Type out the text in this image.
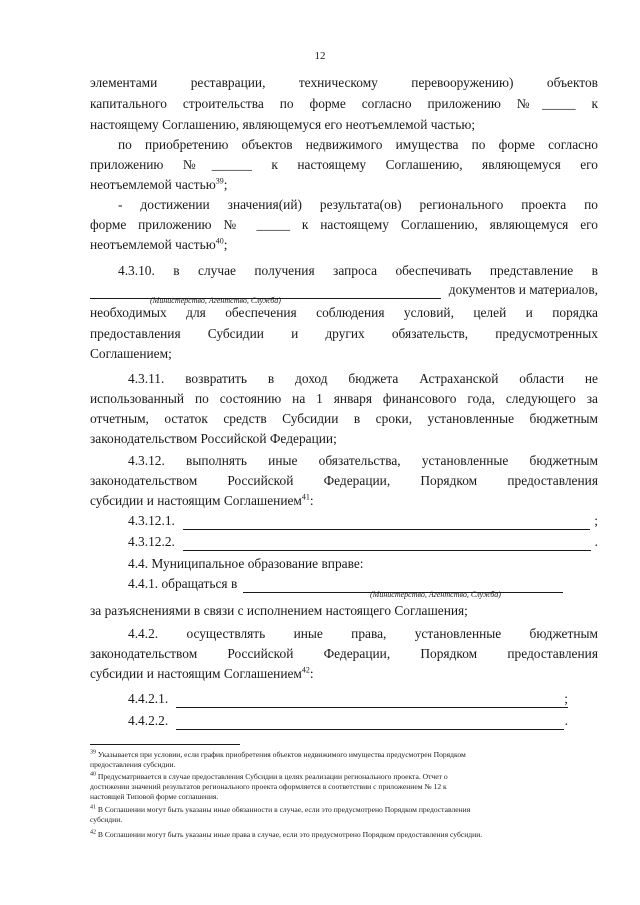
12
элементами реставрации, техническому перевооружению) объектов
капитального строительства по форме согласно приложению №_____ к
настоящему Соглашению, являющемуся его неотъемлемой частью;
по приобретению объектов недвижимого имущества по форме согласно
приложению №______ к настоящему Соглашению, являющемуся его
неотъемлемой частью$^{39}$;
- достижении значения(ий) результата(ов) регионального проекта по
форме приложению № _____ к настоящему Соглашению, являющемуся его
неотъемлемой частью$^{40}$;
4.3.10. в случае получения запроса обеспечивать представление в
документов и материалов,
(Министерство, Агентство, Служба)
необходимых для обеспечения соблюдения условий, целей и порядка
предоставления Субсидии и других обязательств, предусмотренных
Соглашением;
4.3.11. возвратить в доход бюджета Астраханской области не
использованный по состоянию на 1 января финансового года, следующего за
отчетным, остаток средств Субсидии в сроки, установленные бюджетным
законодательством Российской Федерации;
4.3.12. выполнять иные обязательства, установленные бюджетным
законодательством Российской Федерации, Порядком предоставления
субсидии и настоящим Соглашением$^{41}$:
4.3.12.1.	;
4.3.12.2.	.
4.4. Муниципальное образование вправе:
4.4.1. обращаться в
(Министерство, Агентство, Служба)
за разъяснениями в связи с исполнением настоящего Соглашения;
4.4.2. осуществлять иные права, установленные бюджетным
законодательством Российской Федерации, Порядком предоставления
субсидии и настоящим Соглашением$^{42}$:
4.4.2.1.	;
4.4.2.2.	.
$^{39}$ Указывается при условии, если график приобретения объектов недвижимого имущества предусмотрен Порядком
предоставления субсидии.
$^{40}$ Предусматривается в случае предоставления Субсидии в целях реализации регионального проекта. Отчет о
достижении значений результатов регионального проекта оформляется в соответствии с приложением № 12 к
настоящей Типовой форме соглашения.
$^{41}$ В Соглашении могут быть указаны иные обязанности в случае, если это предусмотрено Порядком предоставления
субсидии.
$^{42}$ В Соглашении могут быть указаны иные права в случае, если это предусмотрено Порядком предоставления субсидии.
